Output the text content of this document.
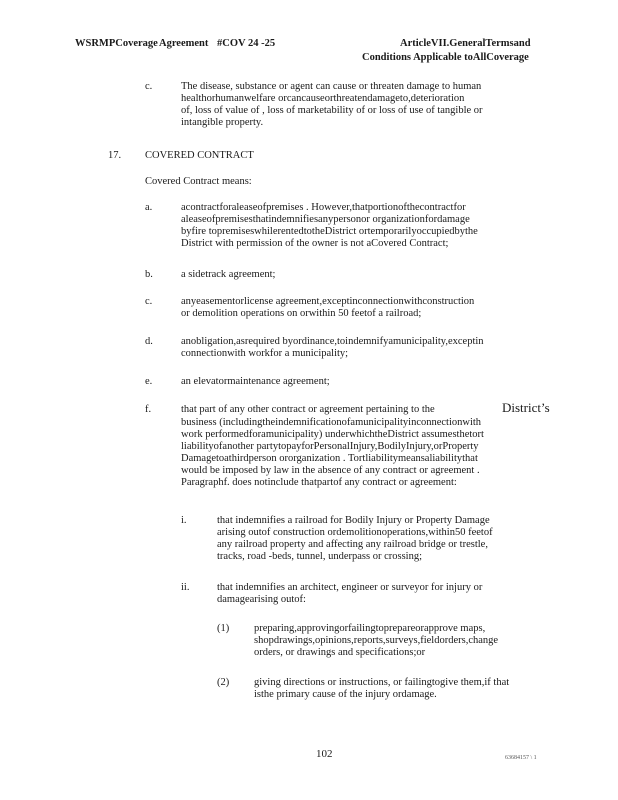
WSRMPCoverage Agreement #COV 24 -25	ArticleVII.GeneralTermsand
Conditions Applicable toAllCoverage
c.	The disease, substance or agent can cause or threaten damage to human
healthorhumanwelfare orcancauseorthreatendamageto,deterioration
of, loss of value of , loss of marketability of or loss of use of tangible or
intangible property.
17. COVERED CONTRACT
Covered Contract means:
a.	acontractforaleaseofpremises . However,thatportionofthecontractfor
aleaseofpremisesthatindemnifiesanypersonor organizationfordamage
byfire topremiseswhilerentedtotheDistrict ortemporarilyoccupiedbythe
District with permission of the owner is not aCovered Contract;
b.	a sidetrack agreement;
c.	anyeasementorlicense agreement,exceptinconnectionwithconstruction
or demolition operations on orwithin 50 feetof a railroad;
d.	anobligation,asrequired byordinance,toindemnifyamunicipality,exceptin
connectionwith workfor a municipality;
e.	an elevatormaintenance agreement;
f.	that part of any other contract or agreement pertaining to the	District’s
business (includingtheindemnificationofamunicipalityinconnectionwith
work performedforamunicipality) underwhichtheDistrict assumesthetort
liabilityofanother partytopayforPersonalInjury,BodilyInjury,orProperty
Damagetoathirdperson ororganization . Tortliabilitymeansaliabilitythat
would be imposed by law in the absence of any contract or agreement .
Paragraphf. does notinclude thatpartof any contract or agreement:
i.	that indemnifies a railroad for Bodily Injury or Property Damage
arising outof construction ordemolitionoperations,within50 feetof
any railroad property and affecting any railroad bridge or trestle,
tracks, road -beds, tunnel, underpass or crossing;
ii.	that indemnifies an architect, engineer or surveyor for injury or
damagearising outof:
(1) preparing,approvingorfailingtoprepareorapprove maps,
shopdrawings,opinions,reports,surveys,fieldorders,change
orders, or drawings and specifications;or
(2) giving directions or instructions, or failingtogive them,if that
isthe primary cause of the injury ordamage.
102	63684157 \ 1
